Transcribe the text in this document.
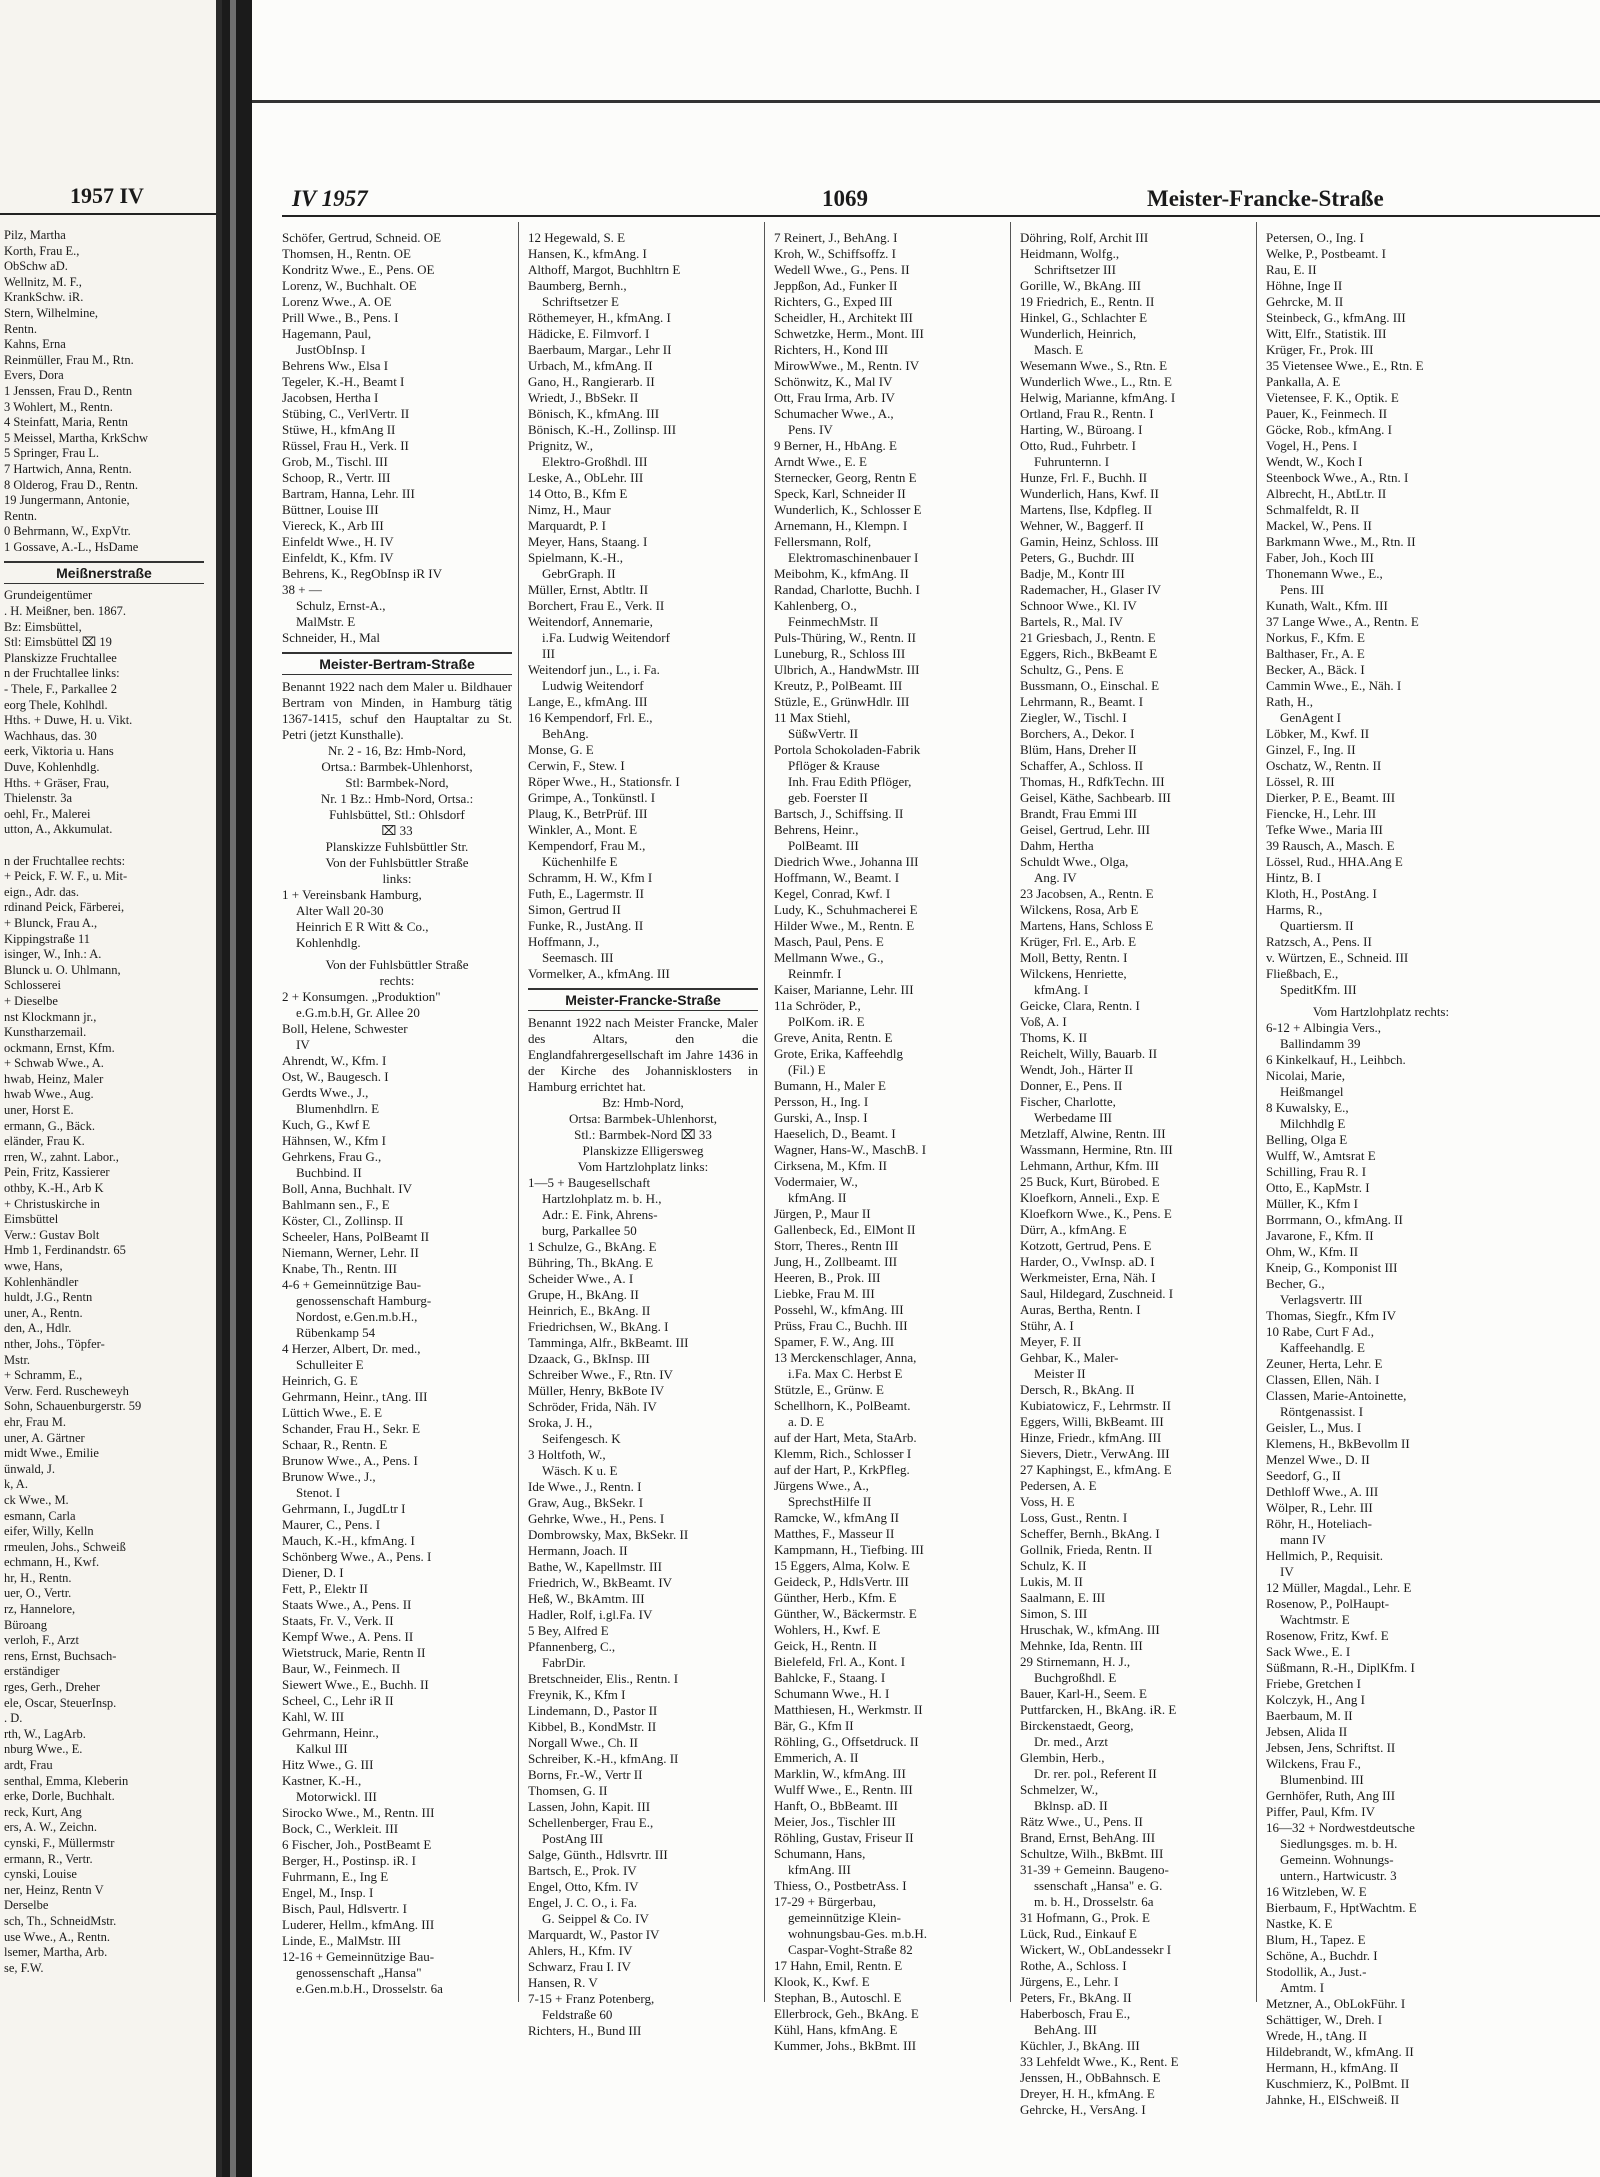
1957 IV
Pilz, Martha
Korth, Frau E.,
ObSchw aD.
Wellnitz, M. F.,
KrankSchw. iR.
Stern, Wilhelmine,
Rentn.
Kahns, Erna
Reinmüller, Frau M., Rtn.
Evers, Dora
1 Jenssen, Frau D., Rentn
3 Wohlert, M., Rentn.
4 Steinfatt, Maria, Rentn
5 Meissel, Martha, KrkSchw
5 Springer, Frau L.
7 Hartwich, Anna, Rentn.
8 Olderog, Frau D., Rentn.
19 Jungermann, Antonie,
Rentn.
0 Behrmann, W., ExpVtr.
1 Gossave, A.-L., HsDame
Meißnerstraße
Grundeigentümer
. H. Meißner, ben. 1867.
Bz: Eimsbüttel,
Stl: Eimsbüttel ⌧ 19
Planskizze Fruchtallee
n der Fruchtallee links:
- Thele, F., Parkallee 2
eorg Thele, Kohlhdl.
Hths. + Duwe, H. u. Vikt.
Wachhaus, das. 30
eerk, Viktoria u. Hans
Duve, Kohlenhdlg.
Hths. + Gräser, Frau,
Thielenstr. 3a
oehl, Fr., Malerei
utton, A., Akkumulat.
n der Fruchtallee rechts:
+ Peick, F. W. F., u. Mit-
eign., Adr. das.
rdinand Peick, Färberei,
+ Blunck, Frau A.,
Kippingstraße 11
isinger, W., Inh.: A.
Blunck u. O. Uhlmann,
Schlosserei
+ Dieselbe
nst Klockmann jr.,
Kunstharzemail.
ockmann, Ernst, Kfm.
+ Schwab Wwe., A.
hwab, Heinz, Maler
hwab Wwe., Aug.
uner, Horst E.
ermann, G., Bäck.
eländer, Frau K.
rren, W., zahnt. Labor.,
Pein, Fritz, Kassierer
othby, K.-H., Arb K
+ Christuskirche in
Eimsbüttel
Verw.: Gustav Bolt
Hmb 1, Ferdinandstr. 65
wwe, Hans,
Kohlenhändler
huldt, J.G., Rentn
uner, A., Rentn.
den, A., Hdlr.
nther, Johs., Töpfer-
Mstr.
+ Schramm, E.,
Verw. Ferd. Ruscheweyh
Sohn, Schauenburgerstr. 59
ehr, Frau M.
uner, A. Gärtner
midt Wwe., Emilie
ünwald, J.
k, A.
ck Wwe., M.
esmann, Carla
eifer, Willy, Kelln
rmeulen, Johs., Schweiß
echmann, H., Kwf.
hr, H., Rentn.
uer, O., Vertr.
rz, Hannelore,
Büroang
verloh, F., Arzt
rens, Ernst, Buchsach-
erständiger
rges, Gerh., Dreher
ele, Oscar, SteuerInsp.
. D.
rth, W., LagArb.
nburg Wwe., E.
ardt, Frau
senthal, Emma, Kleberin
erke, Dorle, Buchhalt.
reck, Kurt, Ang
ers, A. W., Zeichn.
cynski, F., Müllermstr
ermann, R., Vertr.
cynski, Louise
ner, Heinz, Rentn V
Derselbe
sch, Th., SchneidMstr.
use Wwe., A., Rentn.
lsemer, Martha, Arb.
se, F.W.
IV 1957	1069	Meister-Francke-Straße
Schöfer, Gertrud, Schneid. OE
Thomsen, H., Rentn. OE
Kondritz Wwe., E., Pens. OE
Lorenz, W., Buchhalt. OE
Lorenz Wwe., A. OE
Prill Wwe., B., Pens. I
Hagemann, Paul,
JustObInsp. I
Behrens Ww., Elsa I
Tegeler, K.-H., Beamt I
Jacobsen, Hertha I
Stübing, C., VerlVertr. II
Stüwe, H., kfmAng II
Rüssel, Frau H., Verk. II
Grob, M., Tischl. III
Schoop, R., Vertr. III
Bartram, Hanna, Lehr. III
Büttner, Louise III
Viereck, K., Arb III
Einfeldt Wwe., H. IV
Einfeldt, K., Kfm. IV
Behrens, K., RegObInsp iR IV
38 + —
Schulz, Ernst-A.,
MalMstr. E
Schneider, H., Mal
Meister-Bertram-Straße
Benannt 1922 nach dem Maler u. Bildhauer Bertram von Minden, in Hamburg tätig 1367-1415, schuf den Hauptaltar zu St. Petri (jetzt Kunsthalle).
Nr. 2 - 16, Bz: Hmb-Nord,
Ortsa.: Barmbek-Uhlenhorst,
Stl: Barmbek-Nord,
Nr. 1 Bz.: Hmb-Nord, Ortsa.:
Fuhlsbüttel, Stl.: Ohlsdorf
⌧ 33
Planskizze Fuhlsbüttler Str.
Von der Fuhlsbüttler Straße
links:
1 + Vereinsbank Hamburg,
Alter Wall 20-30
Heinrich E R Witt & Co.,
Kohlenhdlg.
Von der Fuhlsbüttler Straße
rechts:
2 + Konsumgen. „Produktion"
e.G.m.b.H, Gr. Allee 20
Boll, Helene, Schwester
IV
Ahrendt, W., Kfm. I
Ost, W., Baugesch. I
Gerdts Wwe., J.,
Blumenhdlrn. E
Kuch, G., Kwf E
Hähnsen, W., Kfm I
Gehrkens, Frau G.,
Buchbind. II
Boll, Anna, Buchhalt. IV
Bahlmann sen., F., E
Köster, Cl., Zollinsp. II
Scheeler, Hans, PolBeamt II
Niemann, Werner, Lehr. II
Knabe, Th., Rentn. III
4-6 + Gemeinnützige Bau-
genossenschaft Hamburg-
Nordost, e.Gen.m.b.H.,
Rübenkamp 54
4 Herzer, Albert, Dr. med.,
Schulleiter E
Heinrich, G. E
Gehrmann, Heinr., tAng. III
Lüttich Wwe., E. E
Schander, Frau H., Sekr. E
Schaar, R., Rentn. E
Brunow Wwe., A., Pens. I
Brunow Wwe., J.,
Stenot. I
Gehrmann, I., JugdLtr I
Maurer, C., Pens. I
Mauch, K.-H., kfmAng. I
Schönberg Wwe., A., Pens. I
Diener, D. I
Fett, P., Elektr II
Staats Wwe., A., Pens. II
Staats, Fr. V., Verk. II
Kempf Wwe., A. Pens. II
Wietstruck, Marie, Rentn II
Baur, W., Feinmech. II
Siewert Wwe., E., Buchh. II
Scheel, C., Lehr iR II
Kahl, W. III
Gehrmann, Heinr.,
Kalkul III
Hitz Wwe., G. III
Kastner, K.-H.,
Motorwickl. III
Sirocko Wwe., M., Rentn. III
Bock, C., Werkleit. III
6 Fischer, Joh., PostBeamt E
Berger, H., Postinsp. iR. I
Fuhrmann, E., Ing E
Engel, M., Insp. I
Bisch, Paul, Hdlsvertr. I
Luderer, Hellm., kfmAng. III
Linde, E., MalMstr. III
12-16 + Gemeinnützige Bau-
genossenschaft „Hansa"
e.Gen.m.b.H., Drosselstr. 6a
12 Hegewald, S. E
Hansen, K., kfmAng. I
Althoff, Margot, Buchhltrn E
Baumberg, Bernh.,
Schriftsetzer E
Röthemeyer, H., kfmAng. I
Hädicke, E. Filmvorf. I
Baerbaum, Margar., Lehr II
Urbach, M., kfmAng. II
Gano, H., Rangierarb. II
Wriedt, J., BbSekr. II
Bönisch, K., kfmAng. III
Bönisch, K.-H., Zollinsp. III
Prignitz, W.,
Elektro-Großhdl. III
Leske, A., ObLehr. III
14 Otto, B., Kfm E
Nimz, H., Maur
Marquardt, P. I
Meyer, Hans, Staang. I
Spielmann, K.-H.,
GebrGraph. II
Müller, Ernst, Abtltr. II
Borchert, Frau E., Verk. II
Weitendorf, Annemarie,
i.Fa. Ludwig Weitendorf
III
Weitendorf jun., L., i. Fa.
Ludwig Weitendorf
Lange, E., kfmAng. III
16 Kempendorf, Frl. E.,
BehAng.
Monse, G. E
Cerwin, F., Stew. I
Röper Wwe., H., Stationsfr. I
Grimpe, A., Tonkünstl. I
Plaug, K., BetrPrüf. III
Winkler, A., Mont. E
Kempendorf, Frau M.,
Küchenhilfe E
Schramm, H. W., Kfm I
Futh, E., Lagermstr. II
Simon, Gertrud II
Funke, R., JustAng. II
Hoffmann, J.,
Seemasch. III
Vormelker, A., kfmAng. III
Meister-Francke-Straße
Benannt 1922 nach Meister Francke, Maler des Altars, den die Englandfahrergesellschaft im Jahre 1436 in der Kirche des Johannisklosters in Hamburg errichtet hat.
Bz: Hmb-Nord,
Ortsa: Barmbek-Uhlenhorst,
Stl.: Barmbek-Nord ⌧ 33
Planskizze Elligersweg
Vom Hartzlohplatz links:
1—5 + Baugesellschaft
Hartzlohplatz m. b. H.,
Adr.: E. Fink, Ahrens-
burg, Parkallee 50
1 Schulze, G., BkAng. E
Bühring, Th., BkAng. E
Scheider Wwe., A. I
Grupe, H., BkAng. II
Heinrich, E., BkAng. II
Friedrichsen, W., BkAng. I
Tamminga, Alfr., BkBeamt. III
Dzaack, G., BkInsp. III
Schreiber Wwe., F., Rtn. IV
Müller, Henry, BkBote IV
Schröder, Frida, Näh. IV
Sroka, J. H.,
Seifengesch. K
3 Holtfoth, W.,
Wäsch. K u. E
Ide Wwe., J., Rentn. I
Graw, Aug., BkSekr. I
Gehrke, Wwe., H., Pens. I
Dombrowsky, Max, BkSekr. II
Hermann, Joach. II
Bathe, W., Kapellmstr. III
Friedrich, W., BkBeamt. IV
Heß, W., BkAmtm. III
Hadler, Rolf, i.gl.Fa. IV
5 Bey, Alfred E
Pfannenberg, C.,
FabrDir.
Bretschneider, Elis., Rentn. I
Freynik, K., Kfm I
Lindemann, D., Pastor II
Kibbel, B., KondMstr. II
Norgall Wwe., Ch. II
Schreiber, K.-H., kfmAng. II
Borns, Fr.-W., Vertr II
Thomsen, G. II
Lassen, John, Kapit. III
Schellenberger, Frau E.,
PostAng III
Salge, Günth., Hdlsvrtr. III
Bartsch, E., Prok. IV
Engel, Otto, Kfm. IV
Engel, J. C. O., i. Fa.
G. Seippel & Co. IV
Marquardt, W., Pastor IV
Ahlers, H., Kfm. IV
Schwarz, Frau I. IV
Hansen, R. V
7-15 + Franz Potenberg,
Feldstraße 60
Richters, H., Bund III
7 Reinert, J., BehAng. I
Kroh, W., Schiffsoffz. I
Wedell Wwe., G., Pens. II
Jeppßon, Ad., Funker II
Richters, G., Exped III
Scheidler, H., Architekt III
Schwetzke, Herm., Mont. III
Richters, H., Kond III
MirowWwe., M., Rentn. IV
Schönwitz, K., Mal IV
Ott, Frau Irma, Arb. IV
Schumacher Wwe., A.,
Pens. IV
9 Berner, H., HbAng. E
Arndt Wwe., E. E
Sternecker, Georg, Rentn E
Speck, Karl, Schneider II
Wunderlich, K., Schlosser E
Arnemann, H., Klempn. I
Fellersmann, Rolf,
Elektromaschinenbauer I
Meibohm, K., kfmAng. II
Randad, Charlotte, Buchh. I
Kahlenberg, O.,
FeinmechMstr. II
Puls-Thüring, W., Rentn. II
Luneburg, R., Schloss III
Ulbrich, A., HandwMstr. III
Kreutz, P., PolBeamt. III
Stüzle, E., GrünwHdlr. III
11 Max Stiehl,
SüßwVertr. II
Portola Schokoladen-Fabrik
Pflöger & Krause
Inh. Frau Edith Pflöger,
geb. Foerster II
Bartsch, J., Schiffsing. II
Behrens, Heinr.,
PolBeamt. III
Diedrich Wwe., Johanna III
Hoffmann, W., Beamt. I
Kegel, Conrad, Kwf. I
Ludy, K., Schuhmacherei E
Hilder Wwe., M., Rentn. E
Masch, Paul, Pens. E
Mellmann Wwe., G.,
Reinmfr. I
Kaiser, Marianne, Lehr. III
11a Schröder, P.,
PolKom. iR. E
Greve, Anita, Rentn. E
Grote, Erika, Kaffeehdlg
(Fil.) E
Bumann, H., Maler E
Persson, H., Ing. I
Gurski, A., Insp. I
Haeselich, D., Beamt. I
Wagner, Hans-W., MaschB. I
Cirksena, M., Kfm. II
Vodermaier, W.,
kfmAng. II
Jürgen, P., Maur II
Gallenbeck, Ed., ElMont II
Storr, Theres., Rentn III
Jung, H., Zollbeamt. III
Heeren, B., Prok. III
Liebke, Frau M. III
Possehl, W., kfmAng. III
Prüss, Frau C., Buchh. III
Spamer, F. W., Ang. III
13 Merckenschlager, Anna,
i.Fa. Max C. Herbst E
Stützle, E., Grünw. E
Schellhorn, K., PolBeamt.
a. D. E
auf der Hart, Meta, StaArb.
Klemm, Rich., Schlosser I
auf der Hart, P., KrkPfleg.
Jürgens Wwe., A.,
SprechstHilfe II
Ramcke, W., kfmAng II
Matthes, F., Masseur II
Kampmann, H., Tiefbing. III
15 Eggers, Alma, Kolw. E
Geideck, P., HdlsVertr. III
Günther, Herb., Kfm. E
Günther, W., Bäckermstr. E
Wohlers, H., Kwf. E
Geick, H., Rentn. II
Bielefeld, Frl. A., Kont. I
Bahlcke, F., Staang. I
Schumann Wwe., H. I
Matthiesen, H., Werkmstr. II
Bär, G., Kfm II
Röhling, G., Offsetdruck. II
Emmerich, A. II
Marklin, W., kfmAng. III
Wulff Wwe., E., Rentn. III
Hanft, O., BbBeamt. III
Meier, Jos., Tischler III
Röhling, Gustav, Friseur II
Schumann, Hans,
kfmAng. III
Thiess, O., PostbetrAss. I
17-29 + Bürgerbau,
gemeinnützige Klein-
wohnungsbau-Ges. m.b.H.
Caspar-Voght-Straße 82
17 Hahn, Emil, Rentn. E
Klook, K., Kwf. E
Stephan, B., Autoschl. E
Ellerbrock, Geh., BkAng. E
Kühl, Hans, kfmAng. E
Kummer, Johs., BkBmt. III
Döhring, Rolf, Archit III
Heidmann, Wolfg.,
Schriftsetzer III
Gorille, W., BkAng. III
19 Friedrich, E., Rentn. II
Hinkel, G., Schlachter E
Wunderlich, Heinrich,
Masch. E
Wesemann Wwe., S., Rtn. E
Wunderlich Wwe., L., Rtn. E
Helwig, Marianne, kfmAng. I
Ortland, Frau R., Rentn. I
Harting, W., Büroang. I
Otto, Rud., Fuhrbetr. I
Fuhrunternn. I
Hunze, Frl. F., Buchh. II
Wunderlich, Hans, Kwf. II
Martens, Ilse, Kdpfleg. II
Wehner, W., Baggerf. II
Gamin, Heinz, Schloss. III
Peters, G., Buchdr. III
Badje, M., Kontr III
Rademacher, H., Glaser IV
Schnoor Wwe., Kl. IV
Bartels, R., Mal. IV
21 Griesbach, J., Rentn. E
Eggers, Rich., BkBeamt E
Schultz, G., Pens. E
Bussmann, O., Einschal. E
Lehrmann, R., Beamt. I
Ziegler, W., Tischl. I
Borchers, A., Dekor. I
Blüm, Hans, Dreher II
Schaffer, A., Schloss. II
Thomas, H., RdfkTechn. III
Geisel, Käthe, Sachbearb. III
Brandt, Frau Emmi III
Geisel, Gertrud, Lehr. III
Dahm, Hertha
Schuldt Wwe., Olga,
Ang. IV
23 Jacobsen, A., Rentn. E
Wilckens, Rosa, Arb E
Martens, Hans, Schloss E
Krüger, Frl. E., Arb. E
Moll, Betty, Rentn. I
Wilckens, Henriette,
kfmAng. I
Geicke, Clara, Rentn. I
Voß, A. I
Thoms, K. II
Reichelt, Willy, Bauarb. II
Wendt, Joh., Härter II
Donner, E., Pens. II
Fischer, Charlotte,
Werbedame III
Metzlaff, Alwine, Rentn. III
Wassmann, Hermine, Rtn. III
Lehmann, Arthur, Kfm. III
25 Buck, Kurt, Bürobed. E
Kloefkorn, Anneli., Exp. E
Kloefkorn Wwe., K., Pens. E
Dürr, A., kfmAng. E
Kotzott, Gertrud, Pens. E
Harder, O., VwInsp. aD. I
Werkmeister, Erna, Näh. I
Saul, Hildegard, Zuschneid. I
Auras, Bertha, Rentn. I
Stühr, A. I
Meyer, F. II
Gehbar, K., Maler-
Meister II
Dersch, R., BkAng. II
Kubiatowicz, F., Lehrmstr. II
Eggers, Willi, BkBeamt. III
Hinze, Friedr., kfmAng. III
Sievers, Dietr., VerwAng. III
27 Kaphingst, E., kfmAng. E
Pedersen, A. E
Voss, H. E
Loss, Gust., Rentn. I
Scheffer, Bernh., BkAng. I
Gollnik, Frieda, Rentn. II
Schulz, K. II
Lukis, M. II
Saalmann, E. III
Simon, S. III
Hruschak, W., kfmAng. III
Mehnke, Ida, Rentn. III
29 Stirnemann, H. J.,
Buchgroßhdl. E
Bauer, Karl-H., Seem. E
Puttfarcken, H., BkAng. iR. E
Birckenstaedt, Georg,
Dr. med., Arzt
Glembin, Herb.,
Dr. rer. pol., Referent II
Schmelzer, W.,
Bklnsp. aD. II
Rätz Wwe., U., Pens. II
Brand, Ernst, BehAng. III
Schultze, Wilh., BkBmt. III
31-39 + Gemeinn. Baugeno-
ssenschaft „Hansa" e. G.
m. b. H., Drosselstr. 6a
31 Hofmann, G., Prok. E
Lück, Rud., Einkauf E
Wickert, W., ObLandessekr I
Rothe, A., Schloss. I
Jürgens, E., Lehr. I
Peters, Fr., BkAng. II
Haberbosch, Frau E.,
BehAng. III
Küchler, J., BkAng. III
33 Lehfeldt Wwe., K., Rent. E
Jenssen, H., ObBahnsch. E
Dreyer, H. H., kfmAng. E
Gehrcke, H., VersAng. I
Petersen, O., Ing. I
Welke, P., Postbeamt. I
Rau, E. II
Höhne, Inge II
Gehrcke, M. II
Steinbeck, G., kfmAng. III
Witt, Elfr., Statistik. III
Krüger, Fr., Prok. III
35 Vietensee Wwe., E., Rtn. E
Pankalla, A. E
Vietensee, F. K., Optik. E
Pauer, K., Feinmech. II
Göcke, Rob., kfmAng. I
Vogel, H., Pens. I
Wendt, W., Koch I
Steenbock Wwe., A., Rtn. I
Albrecht, H., AbtLtr. II
Schmalfeldt, R. II
Mackel, W., Pens. II
Barkmann Wwe., M., Rtn. II
Faber, Joh., Koch III
Thonemann Wwe., E.,
Pens. III
Kunath, Walt., Kfm. III
37 Lange Wwe., A., Rentn. E
Norkus, F., Kfm. E
Balthaser, Fr., A. E
Becker, A., Bäck. I
Cammin Wwe., E., Näh. I
Rath, H.,
GenAgent I
Löbker, M., Kwf. II
Ginzel, F., Ing. II
Oschatz, W., Rentn. II
Lössel, R. III
Dierker, P. E., Beamt. III
Fiencke, H., Lehr. III
Tefke Wwe., Maria III
39 Rausch, A., Masch. E
Lössel, Rud., HHA.Ang E
Hintz, B. I
Kloth, H., PostAng. I
Harms, R.,
Quartiersm. II
Ratzsch, A., Pens. II
v. Würtzen, E., Schneid. III
Fließbach, E.,
SpeditKfm. III
Vom Hartzlohplatz rechts:
6-12 + Albingia Vers.,
Ballindamm 39
6 Kinkelkauf, H., Leihbch.
Nicolai, Marie,
Heißmangel
8 Kuwalsky, E.,
Milchhdlg E
Belling, Olga E
Wulff, W., Amtsrat E
Schilling, Frau R. I
Otto, E., KapMstr. I
Müller, K., Kfm I
Borrmann, O., kfmAng. II
Javarone, F., Kfm. II
Ohm, W., Kfm. II
Kneip, G., Komponist III
Becher, G.,
Verlagsvertr. III
Thomas, Siegfr., Kfm IV
10 Rabe, Curt F Ad.,
Kaffeehandlg. E
Zeuner, Herta, Lehr. E
Classen, Ellen, Näh. I
Classen, Marie-Antoinette,
Röntgenassist. I
Geisler, L., Mus. I
Klemens, H., BkBevollm II
Menzel Wwe., D. II
Seedorf, G., II
Dethloff Wwe., A. III
Wölper, R., Lehr. III
Röhr, H., Hoteliach-
mann IV
Hellmich, P., Requisit.
IV
12 Müller, Magdal., Lehr. E
Rosenow, P., PolHaupt-
Wachtmstr. E
Rosenow, Fritz, Kwf. E
Sack Wwe., E. I
Süßmann, R.-H., DiplKfm. I
Friebe, Gretchen I
Kolczyk, H., Ang I
Baerbaum, M. II
Jebsen, Alida II
Jebsen, Jens, Schriftst. II
Wilckens, Frau F.,
Blumenbind. III
Gernhöfer, Ruth, Ang III
Piffer, Paul, Kfm. IV
16—32 + Nordwestdeutsche
Siedlungsges. m. b. H.
Gemeinn. Wohnungs-
untern., Hartwicustr. 3
16 Witzleben, W. E
Bierbaum, F., HptWachtm. E
Nastke, K. E
Blum, H., Tapez. E
Schöne, A., Buchdr. I
Stodollik, A., Just.-
Amtm. I
Metzner, A., ObLokFühr. I
Schättiger, W., Dreh. I
Wrede, H., tAng. II
Hildebrandt, W., kfmAng. II
Hermann, H., kfmAng. II
Kuschmierz, K., PolBmt. II
Jahnke, H., ElSchweiß. II
